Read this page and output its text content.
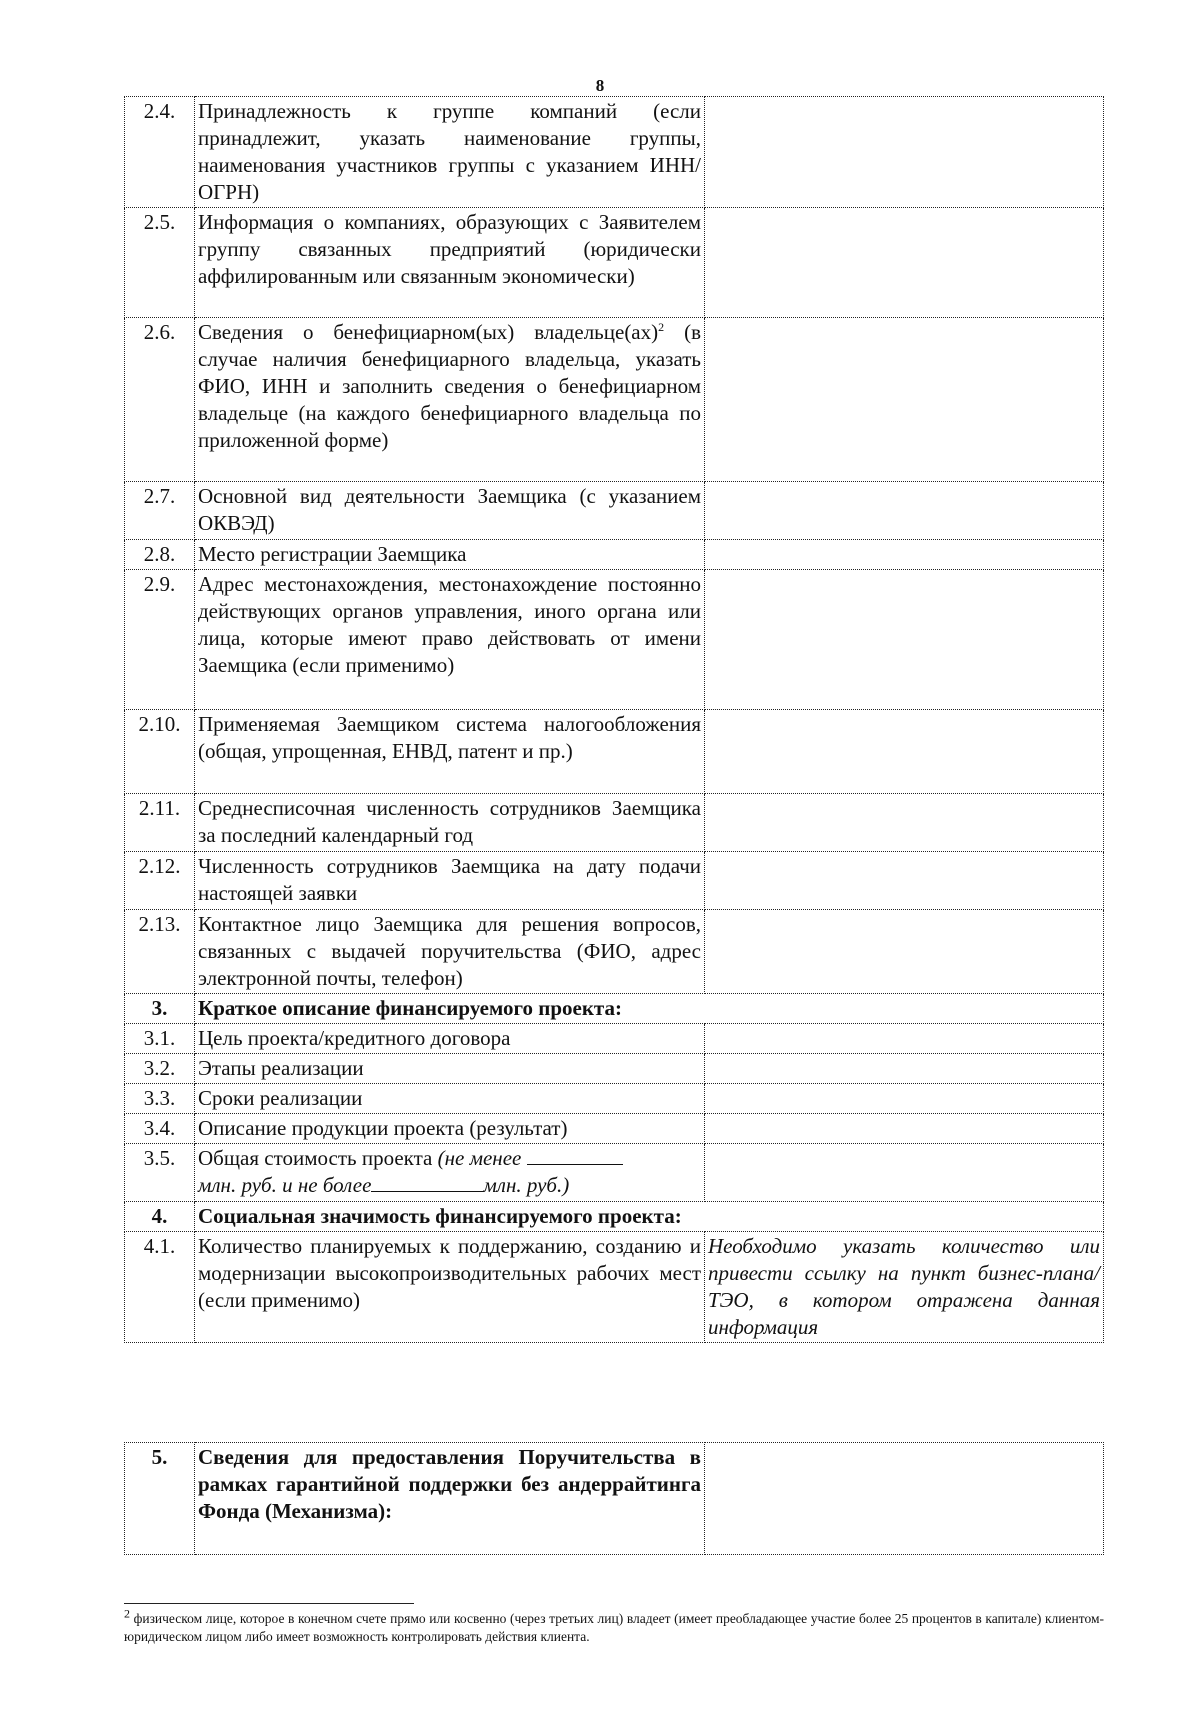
8
2.4.	Принадлежность к группе компаний (если принадлежит, указать наименование группы, наименования участников группы с указанием ИНН/ОГРН)	
2.5.	Информация о компаниях, образующих с Заявителем группу связанных предприятий (юридически аффилированным или связанным экономически)	
2.6.	Сведения о бенефициарном(ых) владельце(ах)$^2$ (в случае наличия бенефициарного владельца, указать ФИО, ИНН и заполнить сведения о бенефициарном владельце (на каждого бенефициарного владельца по приложенной форме)	
2.7.	Основной вид деятельности Заемщика (с указанием ОКВЭД)	
2.8.	Место регистрации Заемщика	
2.9.	Адрес местонахождения, местонахождение постоянно действующих органов управления, иного органа или лица, которые имеют право действовать от имени Заемщика (если применимо)	
2.10.	Применяемая Заемщиком система налогообложения (общая, упрощенная, ЕНВД, патент и пр.)	
2.11.	Среднесписочная численность сотрудников Заемщика за последний календарный год	
2.12.	Численность сотрудников Заемщика на дату подачи настоящей заявки	
2.13.	Контактное лицо Заемщика для решения вопросов, связанных с выдачей поручительства (ФИО, адрес электронной почты, телефон)	
3.	Краткое описание финансируемого проекта:	
3.1.	Цель проекта/кредитного договора	
3.2.	Этапы реализации	
3.3.	Сроки реализации	
3.4.	Описание продукции проекта (результат)	
3.5.	Общая стоимость проекта (не менее
млн. руб. и не более млн. руб.)	
4.	Социальная значимость финансируемого проекта:	
4.1.	Количество планируемых к поддержанию, созданию и модернизации высокопроизводительных рабочих мест (если применимо)	Необходимо указать количество или привести ссылку на пункт бизнес-плана/ТЭО, в котором отражена данная информация
5.	Сведения для предоставления Поручительства в рамках гарантийной поддержки без андеррайтинга Фонда (Механизма):	
$^2$ физическом лице, которое в конечном счете прямо или косвенно (через третьих лиц) владеет (имеет преобладающее участие более 25 процентов в капитале) клиентом-юридическом лицом либо имеет возможность контролировать действия клиента.
